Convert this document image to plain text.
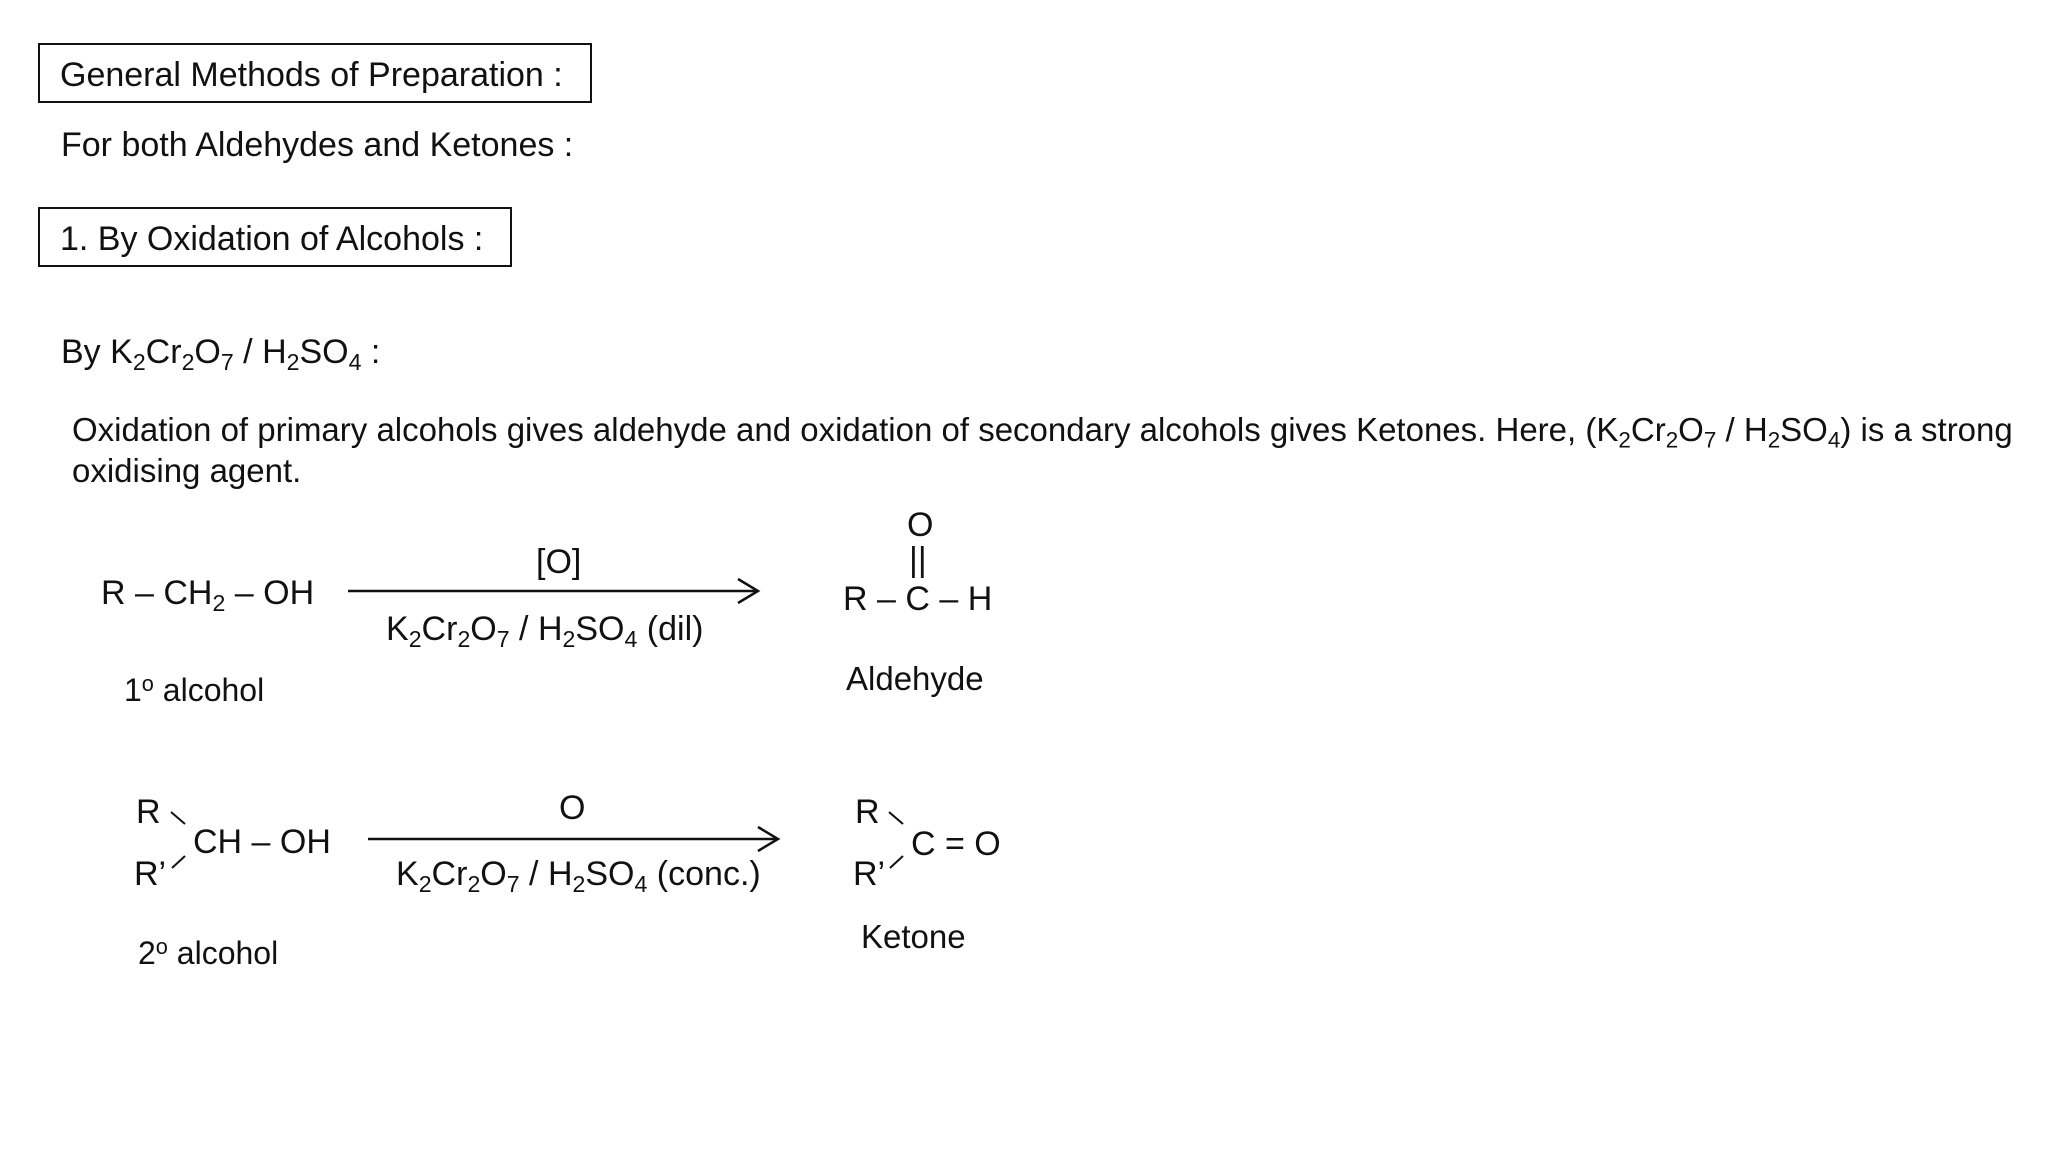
General Methods of Preparation :
For both Aldehydes and Ketones :
1. By Oxidation of Alcohols :
By $K_2Cr_2O_7 / H_2SO_4$ :
Oxidation of primary alcohols gives aldehyde and oxidation of secondary alcohols gives Ketones. Here, $(K_2Cr_2O_7 / H_2SO_4)$ is a strong oxidising agent.
R – $CH_2$ – OH
1$^o$ alcohol
[O]
$K_2Cr_2O_7 / H_2SO_4$ (dil)
O
||
R – C – H
Aldehyde
R
R’
CH – OH
2$^o$ alcohol
O
$K_2Cr_2O_7 / H_2SO_4$ (conc.)
R
R’
C = O
Ketone
